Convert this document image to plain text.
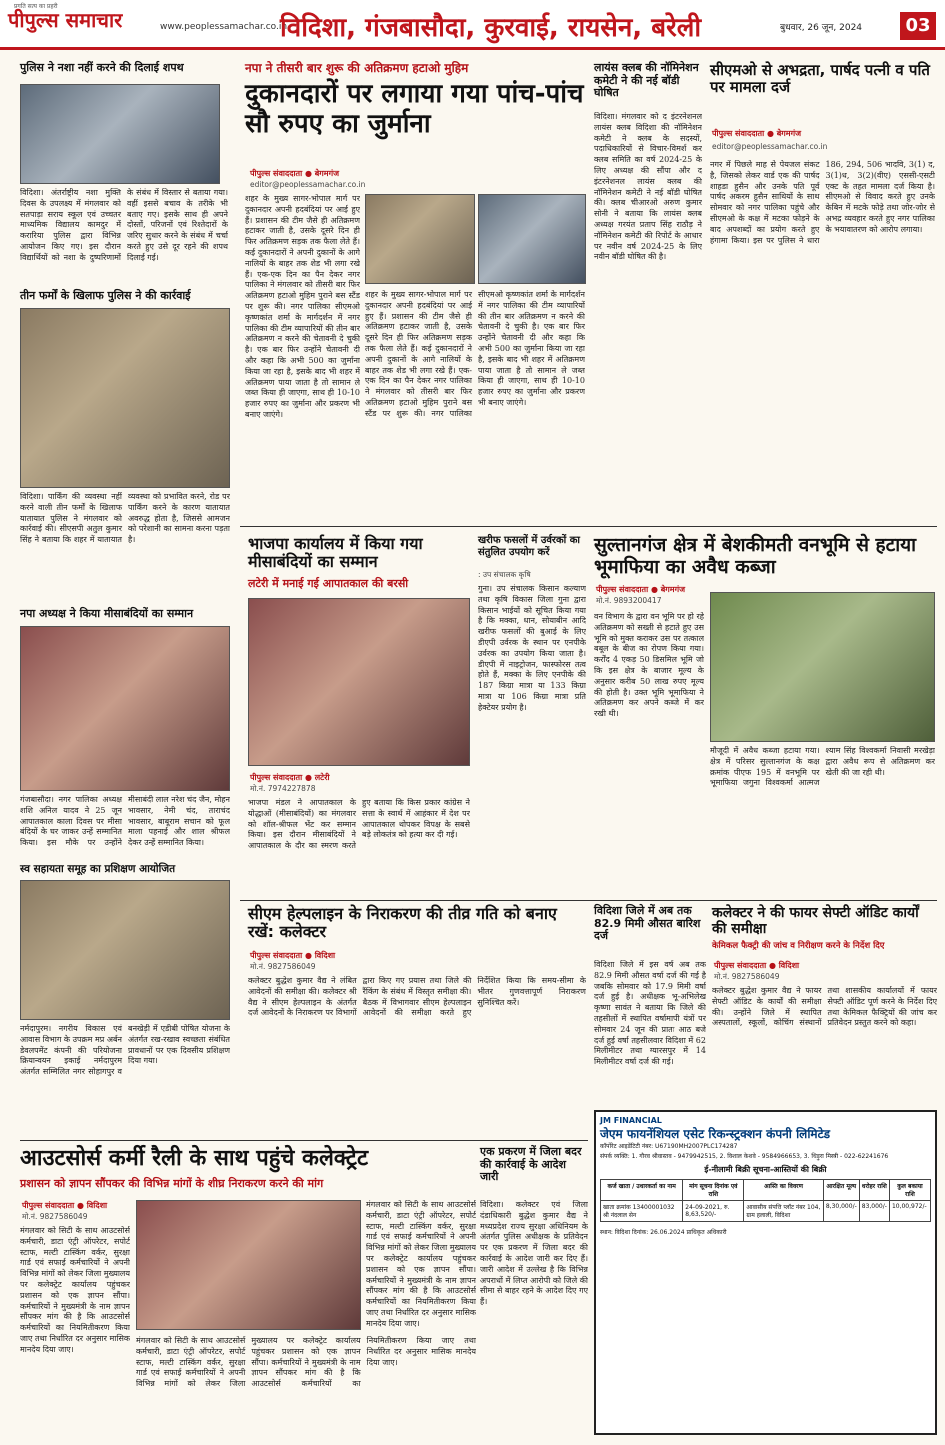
प्रगति सत्य का प्रहरी
पीपुल्स समाचार	www.peoplessamachar.co.in
विदिशा, गंजबासौदा, कुरवाई, रायसेन, बरेली	बुधवार, 26 जून, 2024	03
पुलिस ने नशा नहीं करने की दिलाई शपथ
विदिशा। अंतर्राष्ट्रीय नशा मुक्ति दिवस के उपलक्ष्य में मंगलवार को सतपाड़ा सराय स्कूल एवं उच्चतर माध्यमिक विद्यालय कामदुर में करारिया पुलिस द्वारा विभिन्न आयोजन किए गए। इस दौरान विद्यार्थियों को नशा के दुष्परिणामों के संबंध में विस्तार से बताया गया। वहीं इससे बचाव के तरीके भी बताए गए। इसके साथ ही अपने दोस्तों, परिजनों एवं रिश्तेदारों के जरिए सुधार करने के संबंध में चर्चा करते हुए उसे दूर रहने की शपथ दिलाई गई।
तीन फर्मों के खिलाफ पुलिस ने की कार्रवाई
विदिशा। पार्किंग की व्यवस्था नहीं करने वाली तीन फर्मों के खिलाफ यातायात पुलिस ने मंगलवार को कार्रवाई की। सीएसपी अतुल कुमार सिंह ने बताया कि शहर में यातायात व्यवस्था को प्रभावित करने, रोड पर पार्किंग करने के कारण यातायात अवरुद्ध होता है, जिससे आमजन को परेशानी का सामना करना पड़ता है।
नपा अध्यक्ष ने किया मीसाबंदियों का सम्मान
गंजबासौदा। नगर पालिका अध्यक्ष शशि अनिल यादव ने 25 जून आपातकाल काला दिवस पर मीसा बंदियों के घर जाकर उन्हें सम्मानित किया। इस मौके पर उन्होंने मीसाबंदी लाल नरेश चंद जैन, मोहन भावसार, नेमी चंद, ताराचंद भावसार, बाबूराम सचान को फूल माला पहनाई और शाल श्रीफल देकर उन्हें सम्मानित किया।
स्व सहायता समूह का प्रशिक्षण आयोजित
नर्मदापुरम। नगरीय विकास एवं आवास विभाग के उपक्रम मप्र अर्बन डेवलपमेंट कंपनी की परियोजना क्रियान्वयन इकाई नर्मदापुरम अंतर्गत सम्मिलित नगर सोहागपुर व बनखेड़ी में एडीबी पोषित योजना के अंतर्गत रख-रखाव स्वच्छता संबंधित प्रावधानों पर एक दिवसीय प्रशिक्षण दिया गया।
नपा ने तीसरी बार शुरू की अतिक्रमण हटाओ मुहिम
दुकानदारों पर लगाया गया पांच-पांच सौ रुपए का जुर्माना
पीपुल्स संवाददाता ● बेगमगंज
editor@peoplessamachar.co.in
शहर के मुख्य सागर-भोपाल मार्ग पर दुकानदार अपनी हदबंदियां पर आई हुए हैं। प्रशासन की टीम जैसे ही अतिक्रमण हटाकर जाती है, उसके दूसरे दिन ही फिर अतिक्रमण सड़क तक फैला लेते हैं। कई दुकानदारों ने अपनी दुकानों के आगे नालियों के बाहर तक शेड भी लगा रखे हैं। एक-एक दिन का पैन देकर नगर पालिका ने मंगलवार को तीसरी बार फिर अतिक्रमण हटाओ मुहिम पुराने बस स्टैंड पर शुरू की। नगर पालिका सीएमओ कृष्णकांत शर्मा के मार्गदर्शन में नगर पालिका की टीम व्यापारियों की तीन बार अतिक्रमण न करने की चेतावनी दे चुकी है। एक बार फिर उन्होंने चेतावनी दी और कहा कि अभी 500 का जुर्माना किया जा रहा है, इसके बाद भी शहर में अतिक्रमण पाया जाता है तो सामान ले जब्त किया ही जाएगा, साथ ही 10-10 हजार रुपए का जुर्माना और प्रकरण भी बनाए जाएंगे।
शहर के मुख्य सागर-भोपाल मार्ग पर दुकानदार अपनी हदबंदियां पर आई हुए हैं। प्रशासन की टीम जैसे ही अतिक्रमण हटाकर जाती है, उसके दूसरे दिन ही फिर अतिक्रमण सड़क तक फैला लेते हैं। कई दुकानदारों ने अपनी दुकानों के आगे नालियों के बाहर तक शेड भी लगा रखे हैं। एक-एक दिन का पैन देकर नगर पालिका ने मंगलवार को तीसरी बार फिर अतिक्रमण हटाओ मुहिम पुराने बस स्टैंड पर शुरू की। नगर पालिका सीएमओ कृष्णकांत शर्मा के मार्गदर्शन में नगर पालिका की टीम व्यापारियों की तीन बार अतिक्रमण न करने की चेतावनी दे चुकी है। एक बार फिर उन्होंने चेतावनी दी और कहा कि अभी 500 का जुर्माना किया जा रहा है, इसके बाद भी शहर में अतिक्रमण पाया जाता है तो सामान ले जब्त किया ही जाएगा, साथ ही 10-10 हजार रुपए का जुर्माना और प्रकरण भी बनाए जाएंगे।
लायंस क्लब की नॉमिनेशन कमेटी ने की नई बॉडी घोषित
विदिशा। मंगलवार को द इंटरनेशनल लायंस क्लब विदिशा की नॉमिनेशन कमेटी ने क्लब के सदस्यों, पदाधिकारियों से विचार-विमर्श कर क्लब समिति का वर्ष 2024-25 के लिए अध्यक्ष की सौंपा और द इंटरनेशनल लायंस क्लब की नॉमिनेशन कमेटी ने नई बॉडी घोषित की। क्लब चीआरओ अरुण कुमार सोनी ने बताया कि लायंस क्लब अध्यक्ष गरयंत प्रताप सिंह राठौड़ ने नॉमिनेशन कमेटी की रिपोर्ट के आधार पर नवीन वर्ष 2024-25 के लिए नवीन बॉडी घोषित की है।
सीएमओ से अभद्रता, पार्षद पत्नी व पति पर मामला दर्ज
पीपुल्स संवाददाता ● बेगमगंज
editor@peoplessamachar.co.in
नगर में पिछले माह से पेयजल संकट है, जिसको लेकर वार्ड एक की पार्षद शाहडा हुसैन और उनके पति पूर्व पार्षद अकरम हुसैन साथियों के साथ सोमवार को नगर पालिका पहुंचे और सीएमओ के कक्ष में मटका फोड़ने के बाद अपशब्दों का प्रयोग करते हुए हंगामा किया। इस पर पुलिस ने धारा 186, 294, 506 भादवि, 3(1) द, 3(1)ध, 3(2)(वीए) एससी-एसटी एक्ट के तहत मामला दर्ज किया है। सीएमओ से विवाद करते हुए उनके केबिन में मटके फोड़े तथा जोर-जोर से अभद्र व्यवहार करते हुए नगर पालिका के भयावातरण को आरोप लगाया।
भाजपा कार्यालय में किया गया मीसाबंदियों का सम्मान
लटेरी में मनाई गई आपातकाल की बरसी
पीपुल्स संवाददाता ● लटेरी
मो.नं. 7974227878
भाजपा मंडल ने आपातकाल के योद्धाओं (मीसाबंदियों) का मंगलवार को शॉल-श्रीफल भेंट कर सम्मान किया। इस दौरान मीसाबंदियों ने आपातकाल के दौर का स्मरण करते हुए बताया कि किस प्रकार कांग्रेस ने सत्ता के स्वार्थ में आहंकार में देश पर आपातकाल थोपकर विपक्ष के सबसे बड़े लोकतंत्र को हत्या कर दी गई।
खरीफ फसलों में उर्वरकों का संतुलित उपयोग करें
: उप संचालक कृषि
गुना। उप संचालक किसान कल्याण तथा कृषि विकास जिला गुना द्वारा किसान भाईयों को सूचित किया गया है कि मक्का, धान, सोयाबीन आदि खरीफ फसलों की बुआई के लिए डीएपी उर्वरक के स्थान पर एनपीके उर्वरक का उपयोग किया जाता है। डीएपी में नाइट्रोजन, फास्फोरस तत्व होते हैं, मक्का के लिए एनपीके की 187 किग्रा मात्रा या 133 किग्रा मात्रा या 106 किग्रा मात्रा प्रति हेक्टेयर प्रयोग है।
सुल्तानगंज क्षेत्र में बेशकीमती वनभूमि से हटाया भूमाफिया का अवैध कब्जा
पीपुल्स संवाददाता ● बेगमगंज
मो.नं. 9893200417
वन विभाग के द्वारा वन भूमि पर हो रहे अतिक्रमण को सख्ती से हटाते हुए उस भूमि को मुक्त कराकर उस पर तत्काल बबूल के बीज का रोपण किया गया। कर्रोंद 4 एकड़ 50 डिसमिल भूमि जो कि इस क्षेत्र के बाजार मूल्य के अनुसार करीब 50 लाख रुपए मूल्य की होती है। उक्त भूमि भूमाफिया ने अतिक्रमण कर अपने कब्जे में कर रखी थी।
मौजूदी में अवैध कब्जा हटाया गया। क्षेत्र में परिसर सुल्तानगंज के कक्ष क्रमांक पीएफ 195 में वनभूमि पर भूमाफिया जगुना विश्वकर्मा आत्मज श्याम सिंह विश्वकर्मा निवासी मरखेड़ा द्वारा अवैध रूप से अतिक्रमण कर खेती की जा रही थी।
सीएम हेल्पलाइन के निराकरण की तीव्र गति को बनाए रखें: कलेक्टर
पीपुल्स संवाददाता ● विदिशा
मो.नं. 9827586049
कलेक्टर बुद्धेश कुमार वैद्य ने लंबित आवेदनों की समीक्षा की। कलेक्टर श्री वैद्य ने सीएम हेल्पलाइन के अंतर्गत दर्ज आवेदनों के निराकरण पर विभागों द्वारा किए गए प्रयास तथा जिले की रैंकिंग के संबंध में विस्तृत समीक्षा की। बैठक में विभागवार सीएम हेल्पलाइन आवेदनों की समीक्षा करते हुए निर्देशित किया कि समय-सीमा के भीतर गुणवत्तापूर्ण निराकरण सुनिश्चित करें।
विदिशा जिले में अब तक 82.9 मिमी औसत बारिश दर्ज
विदिशा जिले में इस वर्ष अब तक 82.9 मिमी औसत वर्षा दर्ज की गई है जबकि सोमवार को 17.9 मिमी वर्षा दर्ज हुई है। अधीक्षक भू-अभिलेख कृष्णा सावंत ने बताया कि जिले की तहसीलों में स्थापित वर्षामापी यंत्रों पर सोमवार 24 जून की प्रातः आठ बजे दर्ज हुई वर्षा तहसीलवार विदिशा में 62 मिलीमीटर तथा ग्यारसपुर में 14 मिलीमीटर वर्षा दर्ज की गई।
कलेक्टर ने की फायर सेफ्टी ऑडिट कार्यों की समीक्षा
केमिकल फैक्ट्री की जांच व निरीक्षण करने के निर्देश दिए
पीपुल्स संवाददाता ● विदिशा
मो.नं. 9827586049
कलेक्टर बुद्धेश कुमार वैद्य ने फायर सेफ्टी ऑडिट के कार्यों की समीक्षा की। उन्होंने जिले में स्थापित अस्पतालों, स्कूलों, कोचिंग संस्थानों तथा शासकीय कार्यालयों में फायर सेफ्टी ऑडिट पूर्ण करने के निर्देश दिए तथा केमिकल फैक्ट्रियों की जांच कर प्रतिवेदन प्रस्तुत करने को कहा।
JM FINANCIAL
जेएम फायनेंशियल एसेट रिकन्स्ट्रक्शन कंपनी लिमिटेड
कॉर्पोरेट आइडेंटिटी नंबर: U67190MH2007PLC174287
संपर्क व्यक्ति: 1. गौरव श्रीवास्तव - 9479942515, 2. विशाल केशवे - 9584966653, 3. धिड़ुरा मिस्त्री - 022-62241676
ई-नीलामी बिक्री सूचना-आस्तियों की बिक्री
कर्ज खाता / उधारकर्ता का नाम	मांग सूचना दिनांक एवं राशि	आस्ति का विवरण	आरक्षित मूल्य	धरोहर राशि	कुल बकाया राशि
खाता क्रमांक 13400001032 श्री नंदलाल सेन	24-09-2021, रु. 8,63,520/-	आवासीय संपत्ति प्लॉट नंबर 104, ग्राम हलाली, विदिशा	8,30,000/-	83,000/-	10,00,972/-
स्थान: विदिशा दिनांक: 26.06.2024 प्राधिकृत अधिकारी
आउटसोर्स कर्मी रैली के साथ पहुंचे कलेक्ट्रेट
प्रशासन को ज्ञापन सौंपकर की विभिन्न मांगों के शीघ्र निराकरण करने की मांग
पीपुल्स संवाददाता ● विदिशा
मो.नं. 9827586049
मंगलवार को सिटी के साथ आउटसोर्स कर्मचारी, डाटा एंट्री ऑपरेटर, सपोर्ट स्टाफ, मल्टी टास्किंग वर्कर, सुरक्षा गार्ड एवं सफाई कर्मचारियों ने अपनी विभिन्न मांगों को लेकर जिला मुख्यालय पर कलेक्ट्रेट कार्यालय पहुंचकर प्रशासन को एक ज्ञापन सौंपा। कर्मचारियों ने मुख्यमंत्री के नाम ज्ञापन सौंपकर मांग की है कि आउटसोर्स कर्मचारियों का नियमितीकरण किया जाए तथा निर्धारित दर अनुसार मासिक मानदेय दिया जाए।
मंगलवार को सिटी के साथ आउटसोर्स कर्मचारी, डाटा एंट्री ऑपरेटर, सपोर्ट स्टाफ, मल्टी टास्किंग वर्कर, सुरक्षा गार्ड एवं सफाई कर्मचारियों ने अपनी विभिन्न मांगों को लेकर जिला मुख्यालय पर कलेक्ट्रेट कार्यालय पहुंचकर प्रशासन को एक ज्ञापन सौंपा। कर्मचारियों ने मुख्यमंत्री के नाम ज्ञापन सौंपकर मांग की है कि आउटसोर्स कर्मचारियों का नियमितीकरण किया जाए तथा निर्धारित दर अनुसार मासिक मानदेय दिया जाए।
मंगलवार को सिटी के साथ आउटसोर्स कर्मचारी, डाटा एंट्री ऑपरेटर, सपोर्ट स्टाफ, मल्टी टास्किंग वर्कर, सुरक्षा गार्ड एवं सफाई कर्मचारियों ने अपनी विभिन्न मांगों को लेकर जिला मुख्यालय पर कलेक्ट्रेट कार्यालय पहुंचकर प्रशासन को एक ज्ञापन सौंपा। कर्मचारियों ने मुख्यमंत्री के नाम ज्ञापन सौंपकर मांग की है कि आउटसोर्स कर्मचारियों का नियमितीकरण किया जाए तथा निर्धारित दर अनुसार मासिक मानदेय दिया जाए।
एक प्रकरण में जिला बदर की कार्रवाई के आदेश जारी
विदिशा। कलेक्टर एवं जिला दंडाधिकारी बुद्धेश कुमार वैद्य ने मध्यप्रदेश राज्य सुरक्षा अधिनियम के अंतर्गत पुलिस अधीक्षक के प्रतिवेदन पर एक प्रकरण में जिला बदर की कार्रवाई के आदेश जारी कर दिए हैं। जारी आदेश में उल्लेख है कि विभिन्न अपराधों में लिप्त आरोपी को जिले की सीमा से बाहर रहने के आदेश दिए गए हैं।
